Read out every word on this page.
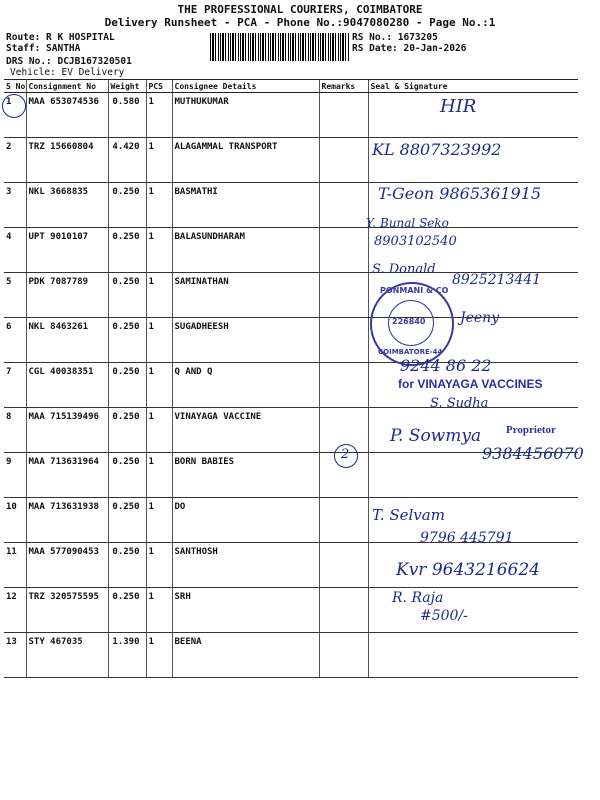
THE PROFESSIONAL COURIERS, COIMBATORE
Delivery Runsheet - PCA - Phone No.:9047080280 - Page No.:1
Route: R K HOSPITAL
Staff: SANTHA
DRS No.: DCJB167320501
Vehicle: EV Delivery
RS No.: 1673205
RS Date: 20-Jan-2026
S No	Consignment No	Weight	PCS	Consignee Details	Remarks	Seal & Signature
1	MAA 653074536	0.580	1	MUTHUKUMAR		
2	TRZ 15660804	4.420	1	ALAGAMMAL TRANSPORT		
3	NKL 3668835	0.250	1	BASMATHI		
4	UPT 9010107	0.250	1	BALASUNDHARAM		
5	PDK 7087789	0.250	1	SAMINATHAN		
6	NKL 8463261	0.250	1	SUGADHEESH		
7	CGL 40038351	0.250	1	Q AND Q		
8	MAA 715139496	0.250	1	VINAYAGA VACCINE		
9	MAA 713631964	0.250	1	BORN BABIES		
10	MAA 713631938	0.250	1	DO		
11	MAA 577090453	0.250	1	SANTHOSH		
12	TRZ 320575595	0.250	1	SRH		
13	STY 467035	1.390	1	BEENA		
HIR
KL 8807323992
T-Geon 9865361915
Y. Bunal Seko
8903102540
S. Donald
8925213441
PONMANI & CO
226840
COIMBATORE-44
Jeeny
9244 86 22
for VINAYAGA VACCINES
S. Sudha
Proprietor
P. Sowmya
9384456070
2
T. Selvam
9796 445791
Kvr 9643216624
R. Raja
#500/-
